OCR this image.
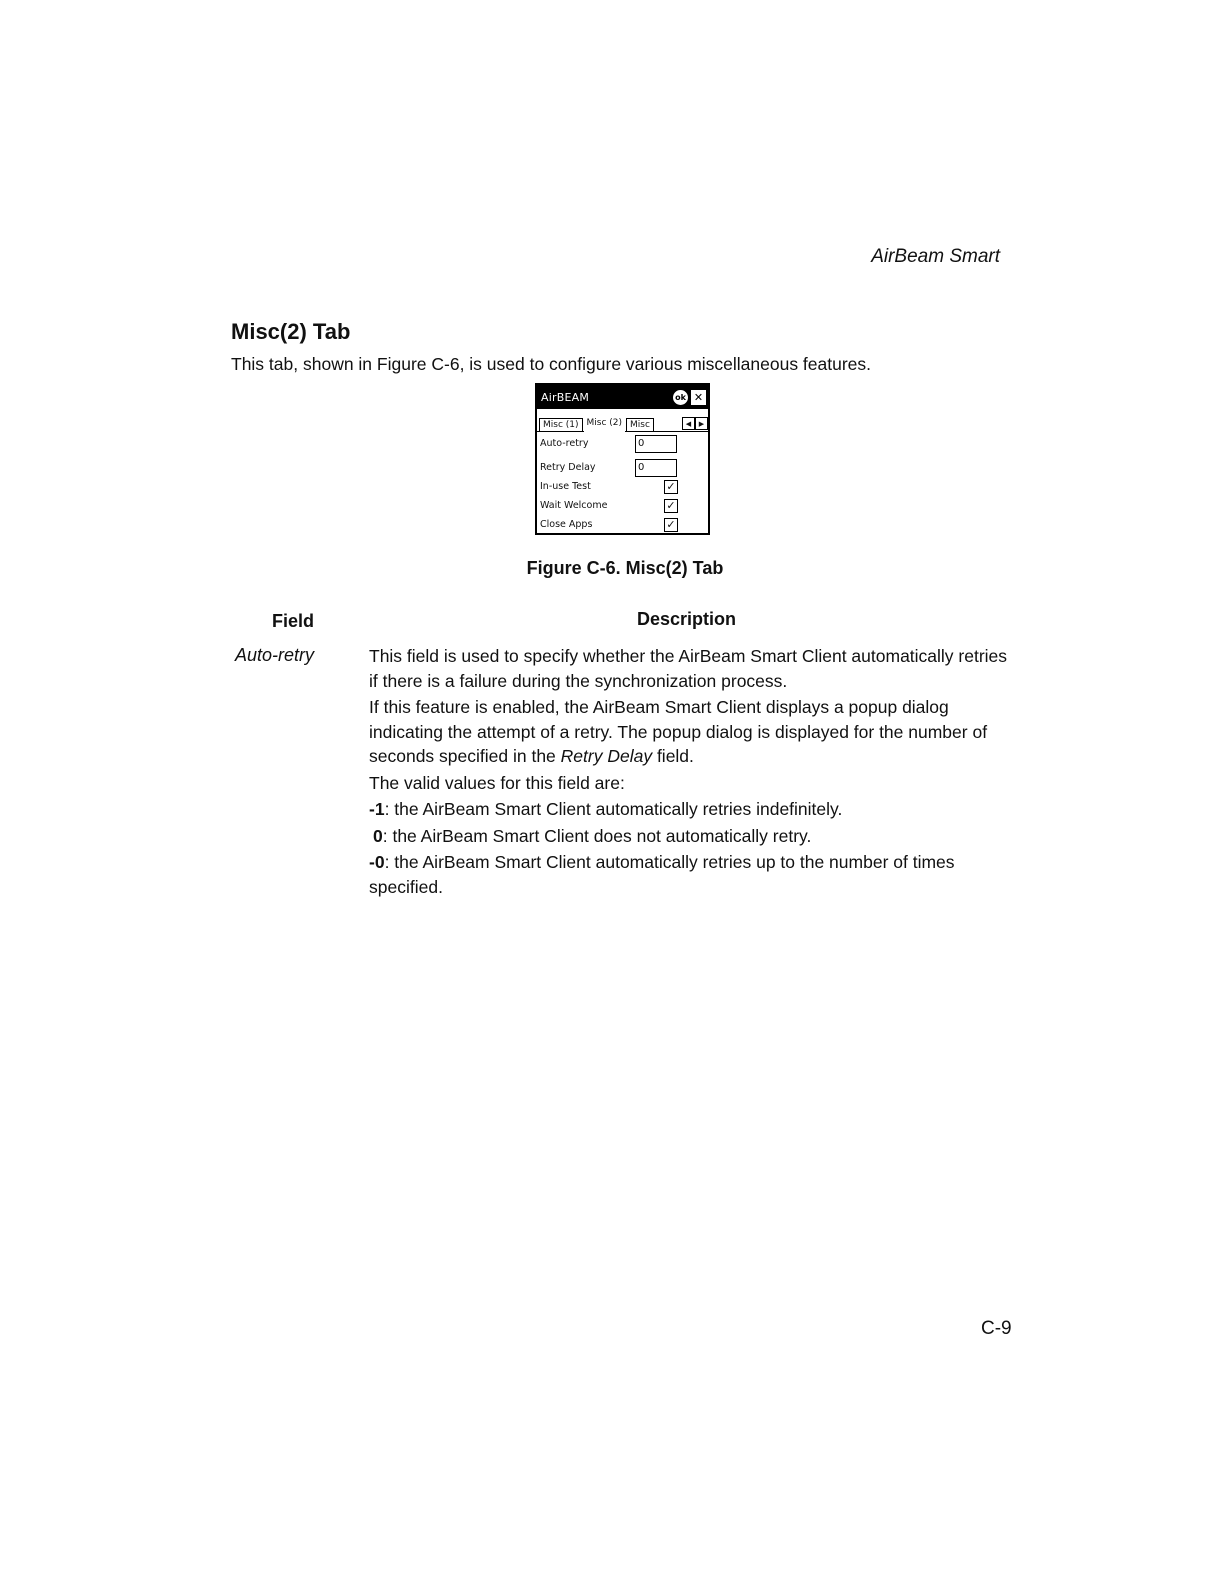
AirBeam Smart
Misc(2) Tab

This tab, shown in Figure C-6, is used to configure various miscellaneous features.

AirBEAM	ok ✕
Misc (1) Misc (2) Misc	◀	▶
Auto-retry	0
Retry Delay	0
In-use Test	✓
Wait Welcome	✓
Close Apps	✓

Figure C-6. Misc(2) Tab

Field	Description
Auto-retry	This field is used to specify whether the AirBeam Smart Client automatically retries if there is a failure during the synchronization process.

If this feature is enabled, the AirBeam Smart Client displays a popup dialog indicating the attempt of a retry. The popup dialog is displayed for the number of seconds specified in the Retry Delay field.

The valid values for this field are:

-1: the AirBeam Smart Client automatically retries indefinitely.

0: the AirBeam Smart Client does not automatically retry.

-0: the AirBeam Smart Client automatically retries up to the number of times specified.

C-9
